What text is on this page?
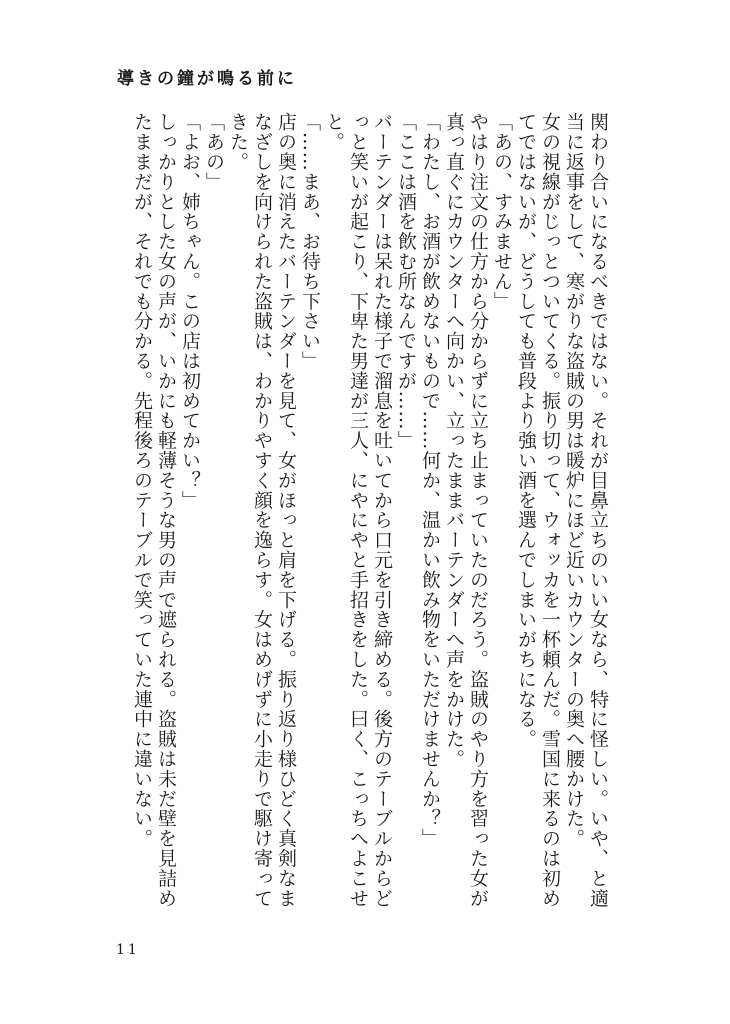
導きの鐘が鳴る前に

関わり合いになるべきではない。それが目鼻立ちのいい女なら、特に怪しい。いや、と適当に返事をして、寒がりな盗賊の男は暖炉にほど近いカウンターの奥へ腰かけた。

女の視線がじっとついてくる。振り切って、ウォッカを一杯頼んだ。雪国に来るのは初めてではないが、どうしても普段より強い酒を選んでしまいがちになる。

「あの、すみません」

やはり注文の仕方から分からずに立ち止まっていたのだろう。盗賊のやり方を習った女が真っ直ぐにカウンターへ向かい、立ったままバーテンダーへ声をかけた。

「わたし、お酒が飲めないもので……何か、温かい飲み物をいただけませんか？」

「ここは酒を飲む所なんですが……」

バーテンダーは呆れた様子で溜息を吐いてから口元を引き締める。後方のテーブルからどっと笑いが起こり、下卑た男達が三人、にやにやと手招きをした。曰く、こっちへよこせと。

「……まあ、お待ち下さい」

店の奥に消えたバーテンダーを見て、女がほっと肩を下げる。振り返り様ひどく真剣なまなざしを向けられた盗賊は、わかりやすく顔を逸らす。女はめげずに小走りで駆け寄ってきた。

「あの」

「よお、姉ちゃん。この店は初めてかい？」

しっかりとした女の声が、いかにも軽薄そうな男の声で遮られる。盗賊は未だ壁を見詰めたままだが、それでも分かる。先程後ろのテーブルで笑っていた連中に違いない。

11
